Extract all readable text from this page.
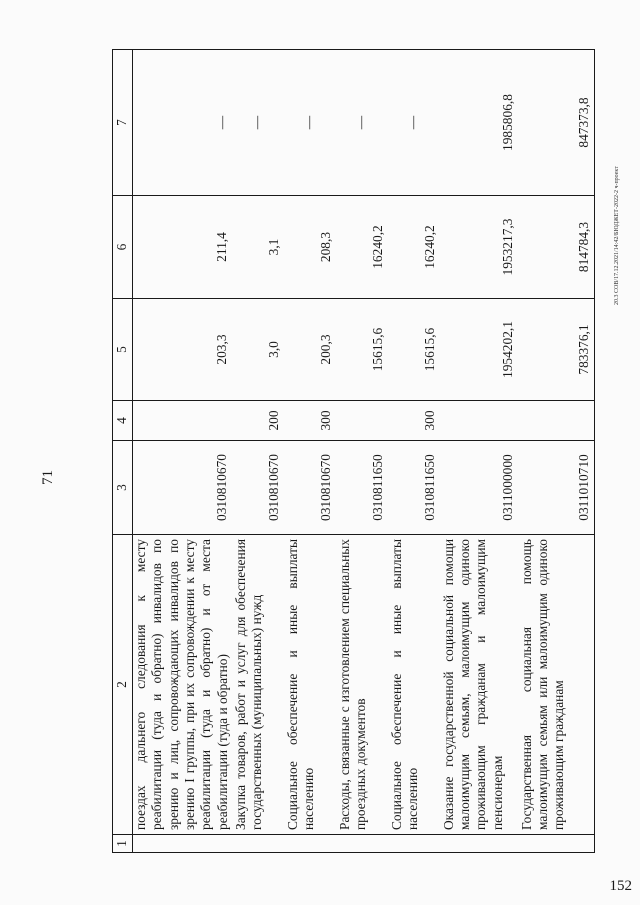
71
1	2	3	4	5	6	7
	поездах дальнего следования к месту реабилитации (туда и обратно) инвалидов по зрению и лиц, сопровождающих инвалидов по зрению I группы, при их сопровождении к месту реабилитации (туда и обратно) и от места реабилитации (туда и обратно)	0310810670		203,3	211,4	—
	Закупка товаров, работ и услуг для обеспечения государственных (муниципальных) нужд	0310810670	200	3,0	3,1	—
	Социальное обеспечение и иные выплаты населению	0310810670	300	200,3	208,3	—
	Расходы, связанные с изготовлением специальных проездных документов	0310811650		15615,6	16240,2	—
	Социальное обеспечение и иные выплаты населению	0310811650	300	15615,6	16240,2	—
	Оказание государственной социальной помощи малоимущим семьям, малоимущим одиноко проживающим гражданам и малоимущим пенсионерам	0311000000		1954202,1	1953217,3	1985806,8
	Государственная социальная помощь малоимущим семьям или малоимущим одиноко проживающим гражданам	0311010710		783376,1	814784,3	847373,8
20.3 СОВ/17.12.2021/14:42/БЮДЖЕТ-2022-2 ч-проект
152
